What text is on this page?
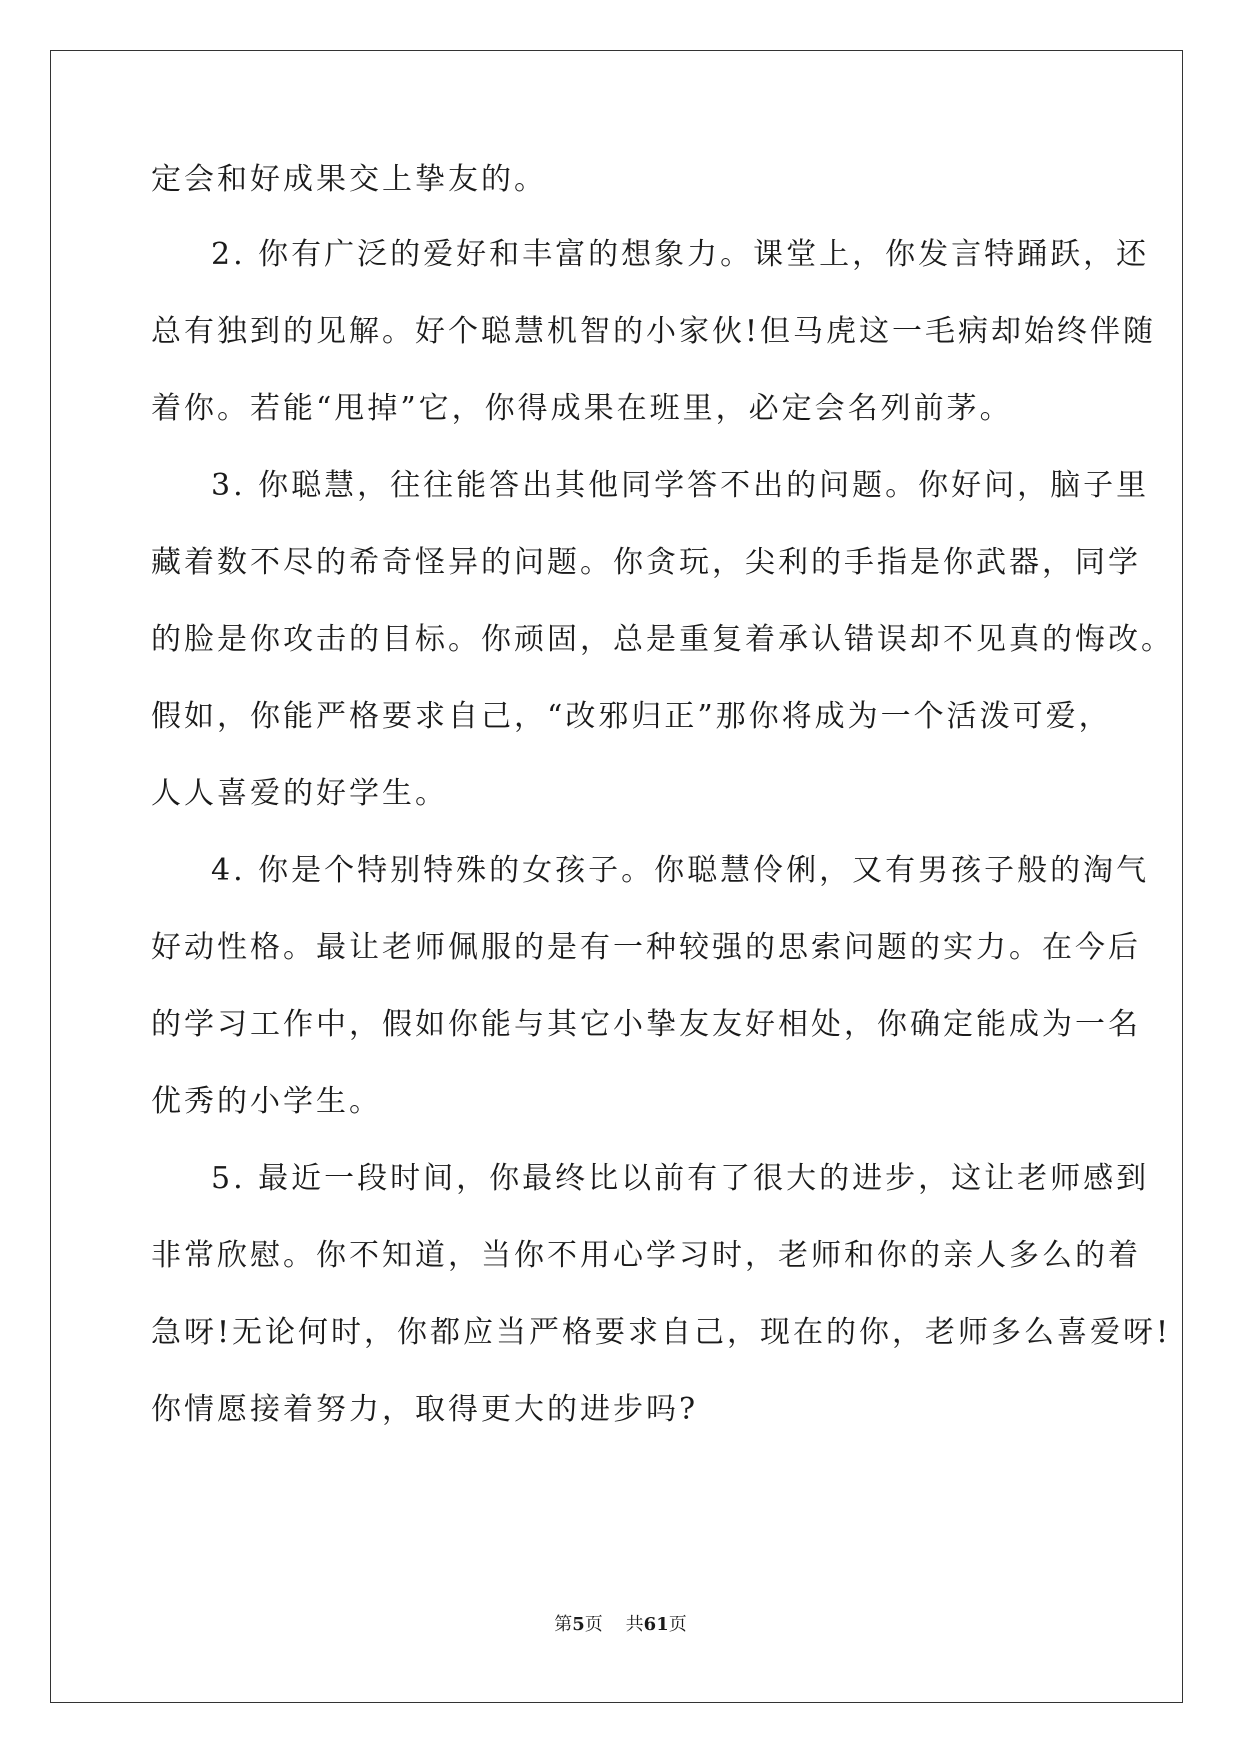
定会和好成果交上挚友的。
2. 你有广泛的爱好和丰富的想象力。课堂上，你发言特踊跃，还
总有独到的见解。好个聪慧机智的小家伙!但马虎这一毛病却始终伴随
着你。若能“甩掉”它，你得成果在班里，必定会名列前茅。
3. 你聪慧，往往能答出其他同学答不出的问题。你好问，脑子里
藏着数不尽的希奇怪异的问题。你贪玩，尖利的手指是你武器，同学
的脸是你攻击的目标。你顽固，总是重复着承认错误却不见真的悔改。
假如，你能严格要求自己，“改邪归正”那你将成为一个活泼可爱，
人人喜爱的好学生。
4. 你是个特别特殊的女孩子。你聪慧伶俐，又有男孩子般的淘气
好动性格。最让老师佩服的是有一种较强的思索问题的实力。在今后
的学习工作中，假如你能与其它小挚友友好相处，你确定能成为一名
优秀的小学生。
5. 最近一段时间，你最终比以前有了很大的进步，这让老师感到
非常欣慰。你不知道，当你不用心学习时，老师和你的亲人多么的着
急呀!无论何时，你都应当严格要求自己，现在的你，老师多么喜爱呀!
你情愿接着努力，取得更大的进步吗?
第5页 共61页
